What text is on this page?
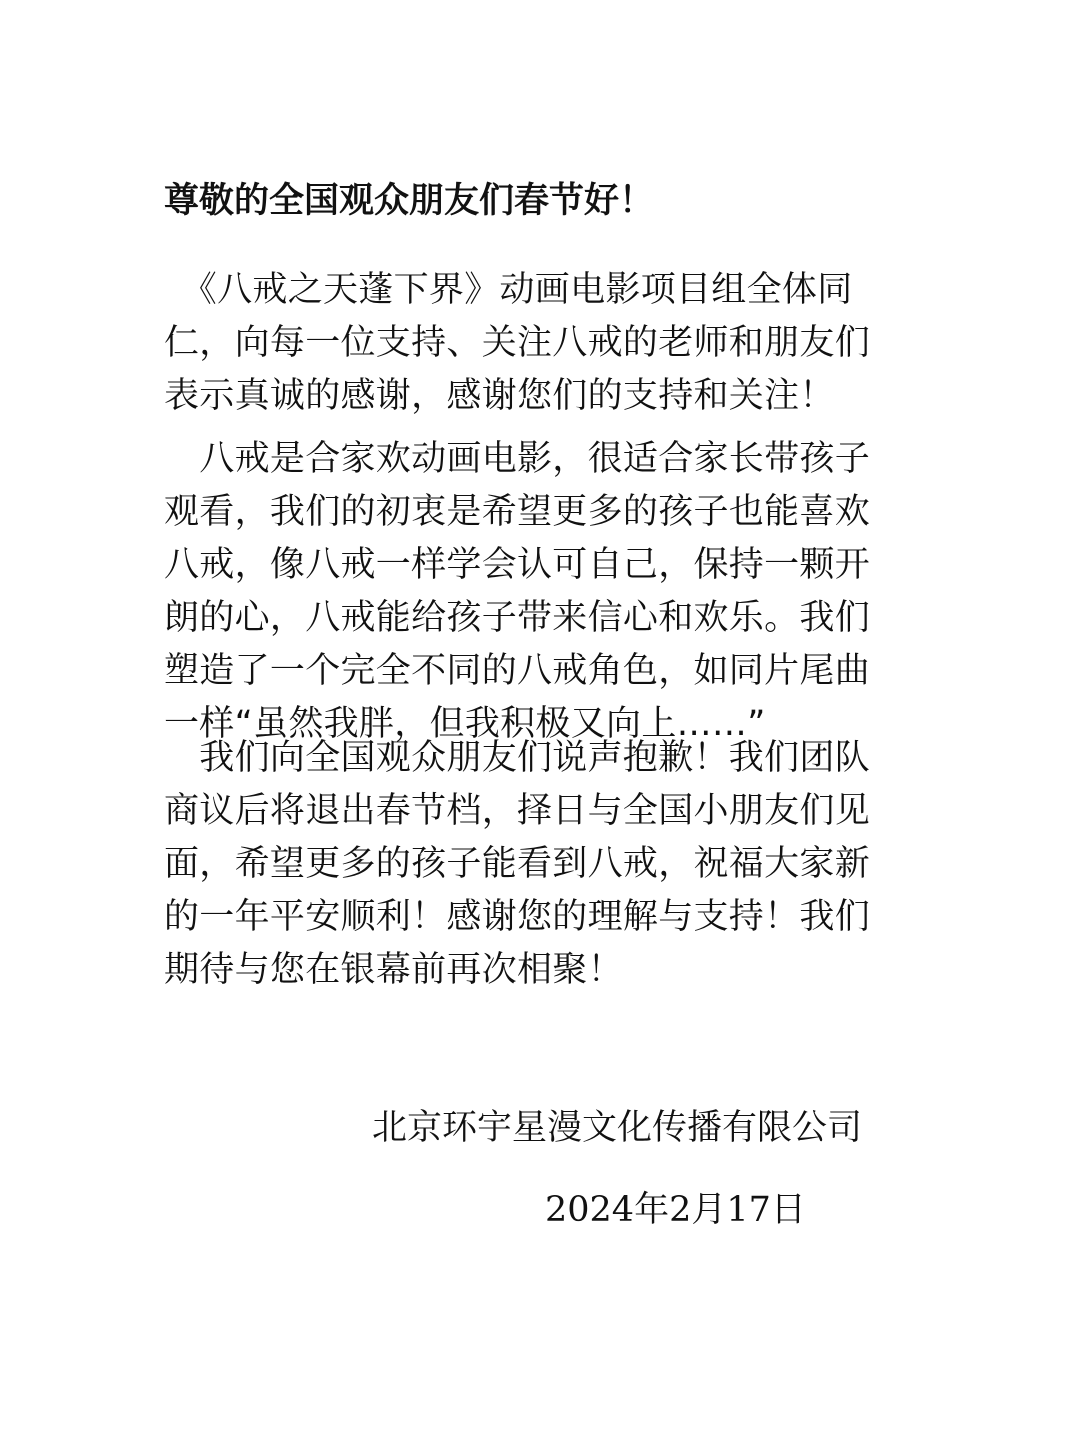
尊敬的全国观众朋友们春节好！
　《八戒之天蓬下界》动画电影项目组全体同
仁，向每一位支持、关注八戒的老师和朋友们
表示真诚的感谢，感谢您们的支持和关注！
　八戒是合家欢动画电影，很适合家长带孩子
观看，我们的初衷是希望更多的孩子也能喜欢
八戒，像八戒一样学会认可自己，保持一颗开
朗的心，八戒能给孩子带来信心和欢乐。我们
塑造了一个完全不同的八戒角色，如同片尾曲
一样“虽然我胖，但我积极又向上……”
　我们向全国观众朋友们说声抱歉！我们团队
商议后将退出春节档，择日与全国小朋友们见
面，希望更多的孩子能看到八戒，祝福大家新
的一年平安顺利！感谢您的理解与支持！我们
期待与您在银幕前再次相聚！
北京环宇星漫文化传播有限公司
2024年2月17日
